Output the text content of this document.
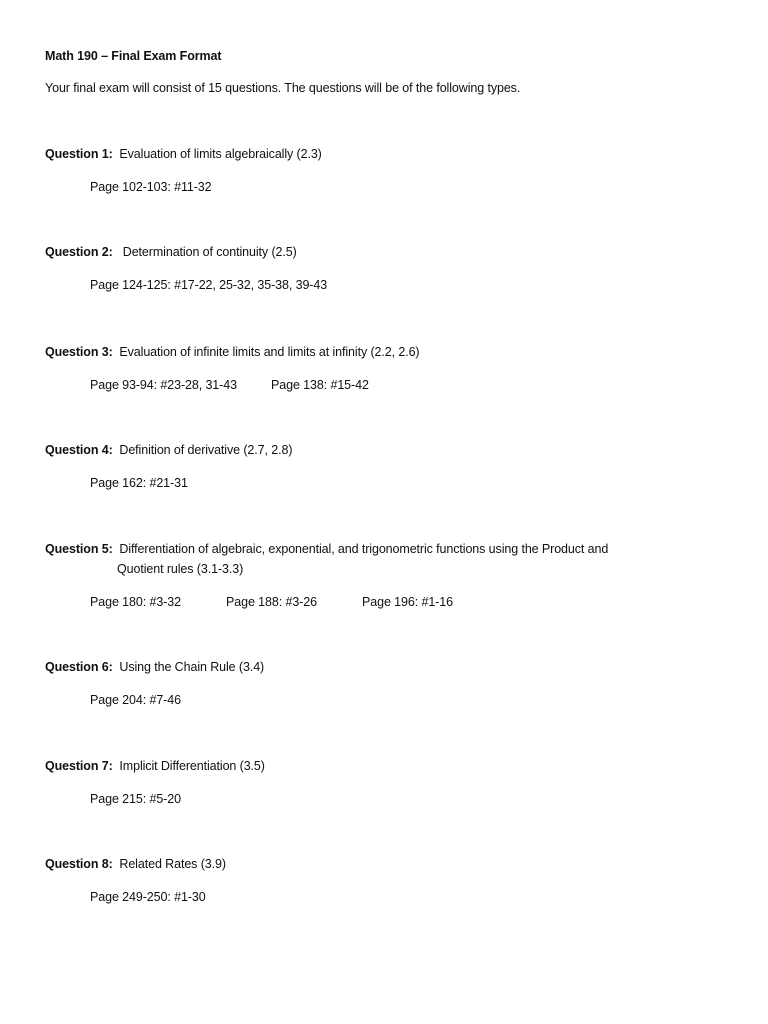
Math 190 – Final Exam Format
Your final exam will consist of 15 questions. The questions will be of the following types.
Question 1: Evaluation of limits algebraically (2.3)
Page 102-103: #11-32
Question 2: Determination of continuity (2.5)
Page 124-125: #17-22, 25-32, 35-38, 39-43
Question 3: Evaluation of infinite limits and limits at infinity (2.2, 2.6)
Page 93-94: #23-28, 31-43	Page 138: #15-42
Question 4: Definition of derivative (2.7, 2.8)
Page 162: #21-31
Question 5: Differentiation of algebraic, exponential, and trigonometric functions using the Product and
Quotient rules (3.1-3.3)
Page 180: #3-32	Page 188: #3-26	Page 196: #1-16
Question 6: Using the Chain Rule (3.4)
Page 204: #7-46
Question 7: Implicit Differentiation (3.5)
Page 215: #5-20
Question 8: Related Rates (3.9)
Page 249-250: #1-30
